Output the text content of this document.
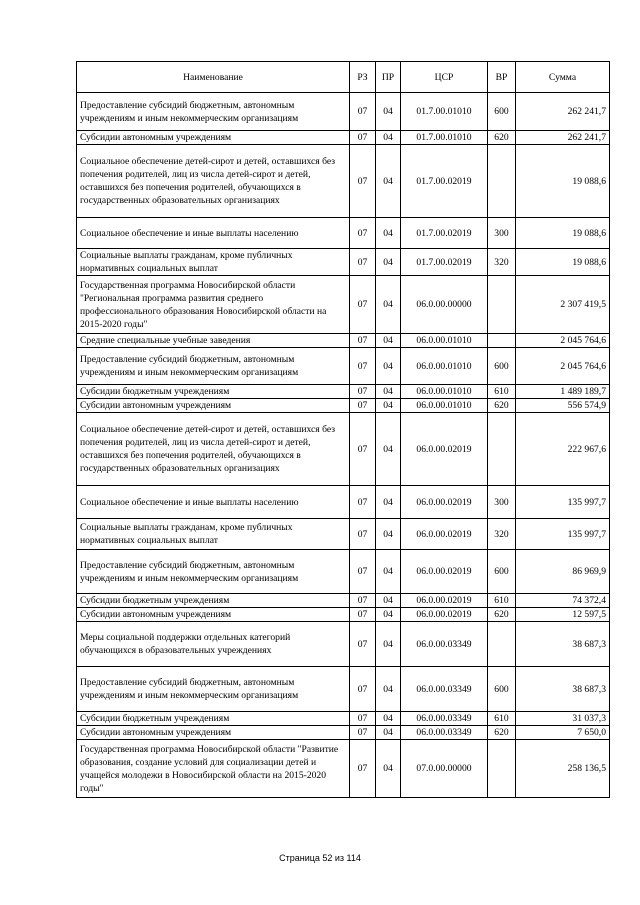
Наименование	РЗ	ПР	ЦСР	ВР	Сумма
Предоставление субсидий бюджетным, автономным учреждениям и иным некоммерческим организациям	07	04	01.7.00.01010	600	262 241,7
Субсидии автономным учреждениям	07	04	01.7.00.01010	620	262 241,7
Социальное обеспечение детей-сирот и детей, оставшихся без попечения родителей, лиц из числа детей-сирот и детей, оставшихся без попечения родителей, обучающихся в государственных образовательных организациях	07	04	01.7.00.02019		19 088,6
Социальное обеспечение и иные выплаты населению	07	04	01.7.00.02019	300	19 088,6
Социальные выплаты гражданам, кроме публичных нормативных социальных выплат	07	04	01.7.00.02019	320	19 088,6
Государственная программа Новосибирской области "Региональная программа развития среднего профессионального образования Новосибирской области на 2015-2020 годы"	07	04	06.0.00.00000		2 307 419,5
Средние специальные учебные заведения	07	04	06.0.00.01010		2 045 764,6
Предоставление субсидий бюджетным, автономным учреждениям и иным некоммерческим организациям	07	04	06.0.00.01010	600	2 045 764,6
Субсидии бюджетным учреждениям	07	04	06.0.00.01010	610	1 489 189,7
Субсидии автономным учреждениям	07	04	06.0.00.01010	620	556 574,9
Социальное обеспечение детей-сирот и детей, оставшихся без попечения родителей, лиц из числа детей-сирот и детей, оставшихся без попечения родителей, обучающихся в государственных образовательных организациях	07	04	06.0.00.02019		222 967,6
Социальное обеспечение и иные выплаты населению	07	04	06.0.00.02019	300	135 997,7
Социальные выплаты гражданам, кроме публичных нормативных социальных выплат	07	04	06.0.00.02019	320	135 997,7
Предоставление субсидий бюджетным, автономным учреждениям и иным некоммерческим организациям	07	04	06.0.00.02019	600	86 969,9
Субсидии бюджетным учреждениям	07	04	06.0.00.02019	610	74 372,4
Субсидии автономным учреждениям	07	04	06.0.00.02019	620	12 597,5
Меры социальной поддержки отдельных категорий обучающихся в образовательных учреждениях	07	04	06.0.00.03349		38 687,3
Предоставление субсидий бюджетным, автономным учреждениям и иным некоммерческим организациям	07	04	06.0.00.03349	600	38 687,3
Субсидии бюджетным учреждениям	07	04	06.0.00.03349	610	31 037,3
Субсидии автономным учреждениям	07	04	06.0.00.03349	620	7 650,0
Государственная программа Новосибирской области "Развитие образования, создание условий для социализации детей и учащейся молодежи в Новосибирской области на 2015-2020 годы"	07	04	07.0.00.00000		258 136,5
Страница 52 из 114
